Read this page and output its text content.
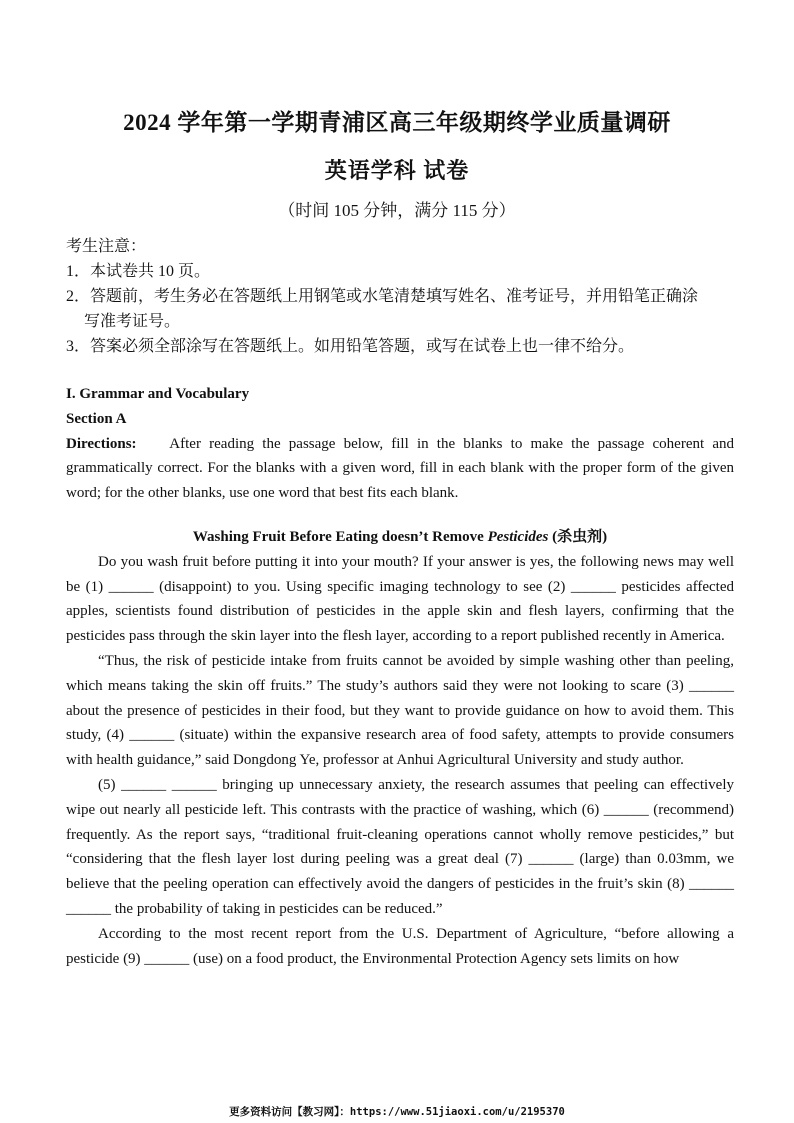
2024 学年第一学期青浦区高三年级期终学业质量调研
英语学科 试卷
（时间 105 分钟，满分 115 分）
考生注意：
1．本试卷共 10 页。
2．答题前，考生务必在答题纸上用钢笔或水笔清楚填写姓名、准考证号，并用铅笔正确涂
写准考证号。
3．答案必须全部涂写在答题纸上。如用铅笔答题，或写在试卷上也一律不给分。
I. Grammar and Vocabulary
Section A
Directions: After reading the passage below, fill in the blanks to make the passage coherent and grammatically correct. For the blanks with a given word, fill in each blank with the proper form of the given word; for the other blanks, use one word that best fits each blank.
Washing Fruit Before Eating doesn’t Remove Pesticides (杀虫剂)

Do you wash fruit before putting it into your mouth? If your answer is yes, the following news may well be (1) ______ (disappoint) to you. Using specific imaging technology to see (2) ______ pesticides affected apples, scientists found distribution of pesticides in the apple skin and flesh layers, confirming that the pesticides pass through the skin layer into the flesh layer, according to a report published recently in America.

“Thus, the risk of pesticide intake from fruits cannot be avoided by simple washing other than peeling, which means taking the skin off fruits.” The study’s authors said they were not looking to scare (3) ______ about the presence of pesticides in their food, but they want to provide guidance on how to avoid them. This study, (4) ______ (situate) within the expansive research area of food safety, attempts to provide consumers with health guidance,” said Dongdong Ye, professor at Anhui Agricultural University and study author.

(5) ______ ______ bringing up unnecessary anxiety, the research assumes that peeling can effectively wipe out nearly all pesticide left. This contrasts with the practice of washing, which (6) ______ (recommend) frequently. As the report says, “traditional fruit-cleaning operations cannot wholly remove pesticides,” but “considering that the flesh layer lost during peeling was a great deal (7) ______ (large) than 0.03mm, we believe that the peeling operation can effectively avoid the dangers of pesticides in the fruit’s skin (8) ______ ______ the probability of taking in pesticides can be reduced.”

According to the most recent report from the U.S. Department of Agriculture, “before allowing a pesticide (9) ______ (use) on a food product, the Environmental Protection Agency sets limits on how

更多资料访问【教习网】：https://www.51jiaoxi.com/u/2195370
